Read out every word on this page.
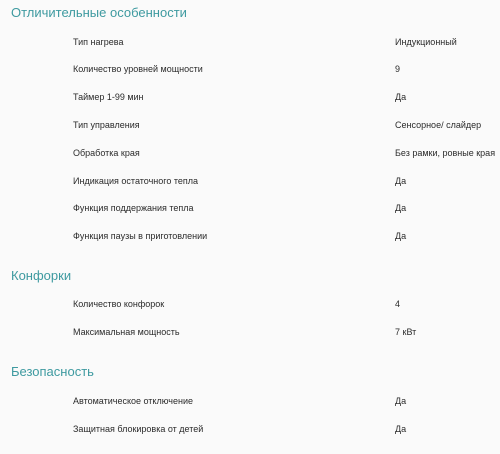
Отличительные особенности
Тип нагрева	Индукционный
Количество уровней мощности	9
Таймер 1-99 мин	Да
Тип управления	Сенсорное/ слайдер
Обработка края	Без рамки, ровные края
Индикация остаточного тепла	Да
Функция поддержания тепла	Да
Функция паузы в приготовлении	Да
Конфорки
Количество конфорок	4
Максимальная мощность	7 кВт
Безопасность
Автоматическое отключение	Да
Защитная блокировка от детей	Да
